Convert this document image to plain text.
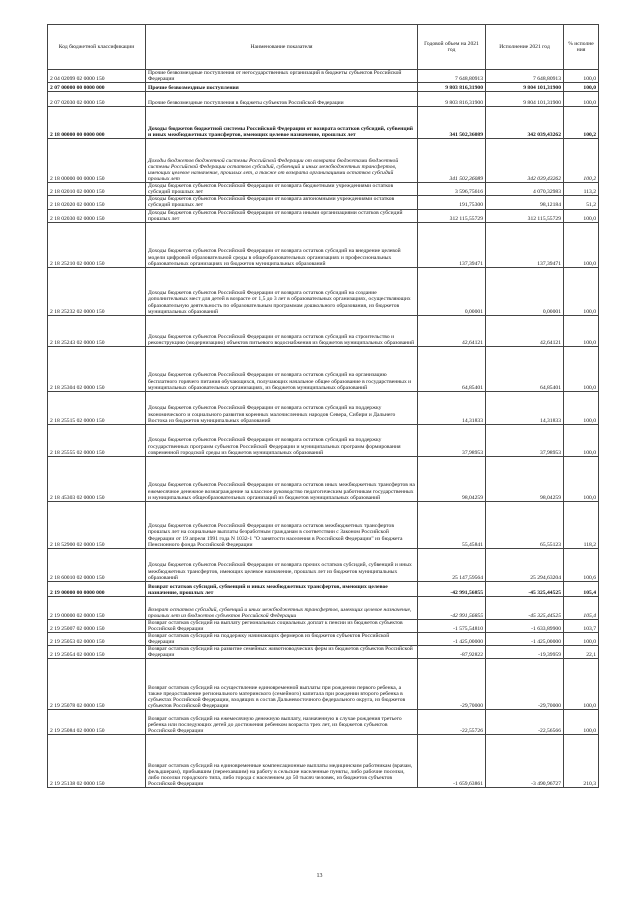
Код бюджетной классификации	Наименование показателя	Годовой объем на 2021 год	Исполнение 2021 год	% исполне ния
2 04 02099 02 0000 150	Прочие безвозмездные поступления от негосударственных организаций в бюджеты субъектов Российской Федерации	7 648,80913	7 648,80913	100,0
2 07 00000 00 0000 000	Прочие безвозмездные поступления	9 803 816,31900	9 804 101,31900	100,0
2 07 02030 02 0000 150	Прочие безвозмездные поступления в бюджеты субъектов Российской Федерации	9 803 816,31900	9 804 101,31900	100,0
2 18 00000 00 0000 000	Доходы бюджетов бюджетной системы Российской Федерации от возврата остатков субсидий, субвенций и иных межбюджетных трансфертов, имеющих целевое назначение, прошлых лет	341 502,36089	342 039,43262	100,2
2 18 00000 00 0000 150	Доходы бюджетов бюджетной системы Российской Федерации от возврата бюджетами бюджетной системы Российской Федерации остатков субсидий, субвенций и иных межбюджетных трансфертов, имеющих целевое назначение, прошлых лет, а также от возврата организациями остатков субсидий прошлых лет	341 502,36089	342 039,43262	100,2
2 18 02010 02 0000 150	Доходы бюджетов субъектов Российской Федерации от возврата бюджетными учреждениями остатков субсидий прошлых лет	3 596,75616	4 070,32983	113,2
2 18 02020 02 0000 150	Доходы бюджетов субъектов Российской Федерации от возврата автономными учреждениями остатков субсидий прошлых лет	191,75300	98,12184	51,2
2 18 02030 02 0000 150	Доходы бюджетов субъектов Российской Федерации от возврата иными организациями остатков субсидий прошлых лет	312 115,55729	312 115,55729	100,0
2 18 25210 02 0000 150	Доходы бюджетов субъектов Российской Федерации от возврата остатков субсидий на внедрение целевой модели цифровой образовательной среды в общеобразовательных организациях и профессиональных образовательных организациях из бюджетов муниципальных образований	137,39471	137,39471	100,0
2 18 25232 02 0000 150	Доходы бюджетов субъектов Российской Федерации от возврата остатков субсидий на создание дополнительных мест для детей в возрасте от 1,5 до 3 лет в образовательных организациях, осуществляющих образовательную деятельность по образовательным программам дошкольного образования, из бюджетов муниципальных образований	0,00001	0,00001	100,0
2 18 25243 02 0000 150	Доходы бюджетов субъектов Российской Федерации от возврата остатков субсидий на строительство и реконструкцию (модернизацию) объектов питьевого водоснабжения из бюджетов муниципальных образований	42,64121	42,64121	100,0
2 18 25304 02 0000 150	Доходы бюджетов субъектов Российской Федерации от возврата остатков субсидий на организацию бесплатного горячего питания обучающихся, получающих начальное общее образование в государственных и муниципальных образовательных организациях, из бюджетов муниципальных образований	64,85401	64,85401	100,0
2 18 25515 02 0000 150	Доходы бюджетов субъектов Российской Федерации от возврата остатков субсидий на поддержку экономического и социального развития коренных малочисленных народов Севера, Сибири и Дальнего Востока из бюджетов муниципальных образований	14,31833	14,31833	100,0
2 18 25555 02 0000 150	Доходы бюджетов субъектов Российской Федерации от возврата остатков субсидий на поддержку государственных программ субъектов Российской Федерации и муниципальных программ формирования современной городской среды из бюджетов муниципальных образований	37,98953	37,98953	100,0
2 18 45303 02 0000 150	Доходы бюджетов субъектов Российской Федерации от возврата остатков иных межбюджетных трансфертов на ежемесячное денежное вознаграждение за классное руководство педагогическим работникам государственных и муниципальных общеобразовательных организаций из бюджетов муниципальных образований	98,04259	98,04259	100,0
2 18 52900 02 0000 150	Доходы бюджетов субъектов Российской Федерации от возврата остатков межбюджетных трансфертов прошлых лет на социальные выплаты безработным гражданам в соответствии с Законом Российской Федерации от 19 апреля 1991 года N 1032-1 "О занятости населения в Российской Федерации" из бюджета Пенсионного фонда Российской Федерации	55,45841	65,55123	118,2
2 18 60010 02 0000 150	Доходы бюджетов субъектов Российской Федерации от возврата прочих остатков субсидий, субвенций и иных межбюджетных трансфертов, имеющих целевое назначение, прошлых лет из бюджетов муниципальных образований	25 147,59564	25 294,63204	100,6
2 19 00000 00 0000 000	Возврат остатков субсидий, субвенций и иных межбюджетных трансфертов, имеющих целевое назначение, прошлых лет	-42 991,56855	-45 325,44525	105,4
2 19 00000 02 0000 150	Возврат остатков субсидий, субвенций и иных межбюджетных трансфертов, имеющих целевое назначение, прошлых лет из бюджетов субъектов Российской Федерации	-42 991,56855	-45 325,44525	105,4
2 19 25007 02 0000 150	Возврат остатков субсидий на выплату региональных социальных доплат к пенсии из бюджетов субъектов Российской Федерации	-1 575,54810	-1 633,89900	103,7
2 19 25053 02 0000 150	Возврат остатков субсидий на поддержку начинающих фермеров из бюджетов субъектов Российской Федерации	-1 425,00000	-1 425,00000	100,0
2 19 25054 02 0000 150	Возврат остатков субсидий на развитие семейных животноводческих ферм из бюджетов субъектов Российской Федерации	-87,92822	-19,39959	22,1
2 19 25078 02 0000 150	Возврат остатков субсидий на осуществление единовременной выплаты при рождении первого ребенка, а также предоставление регионального материнского (семейного) капитала при рождении второго ребенка в субъектах Российской Федерации, входящих в состав Дальневосточного федерального округа, из бюджетов субъектов Российской Федерации	-29,70000	-29,70000	100,0
2 19 25084 02 0000 150	Возврат остатков субсидий на ежемесячную денежную выплату, назначенную в случае рождения третьего ребенка или последующих детей до достижения ребенком возраста трех лет, из бюджетов субъектов Российской Федерации	-22,55726	-22,56566	100,0
2 19 25138 02 0000 150	Возврат остатков субсидий на единовременные компенсационные выплаты медицинским работникам (врачам, фельдшерам), прибывшим (переехавшим) на работу в сельские населенные пункты, либо рабочие поселки, либо поселки городского типа, либо города с населением до 50 тысяч человек, из бюджетов субъектов Российской Федерации	-1 659,63861	-3 490,96727	210,3
13
